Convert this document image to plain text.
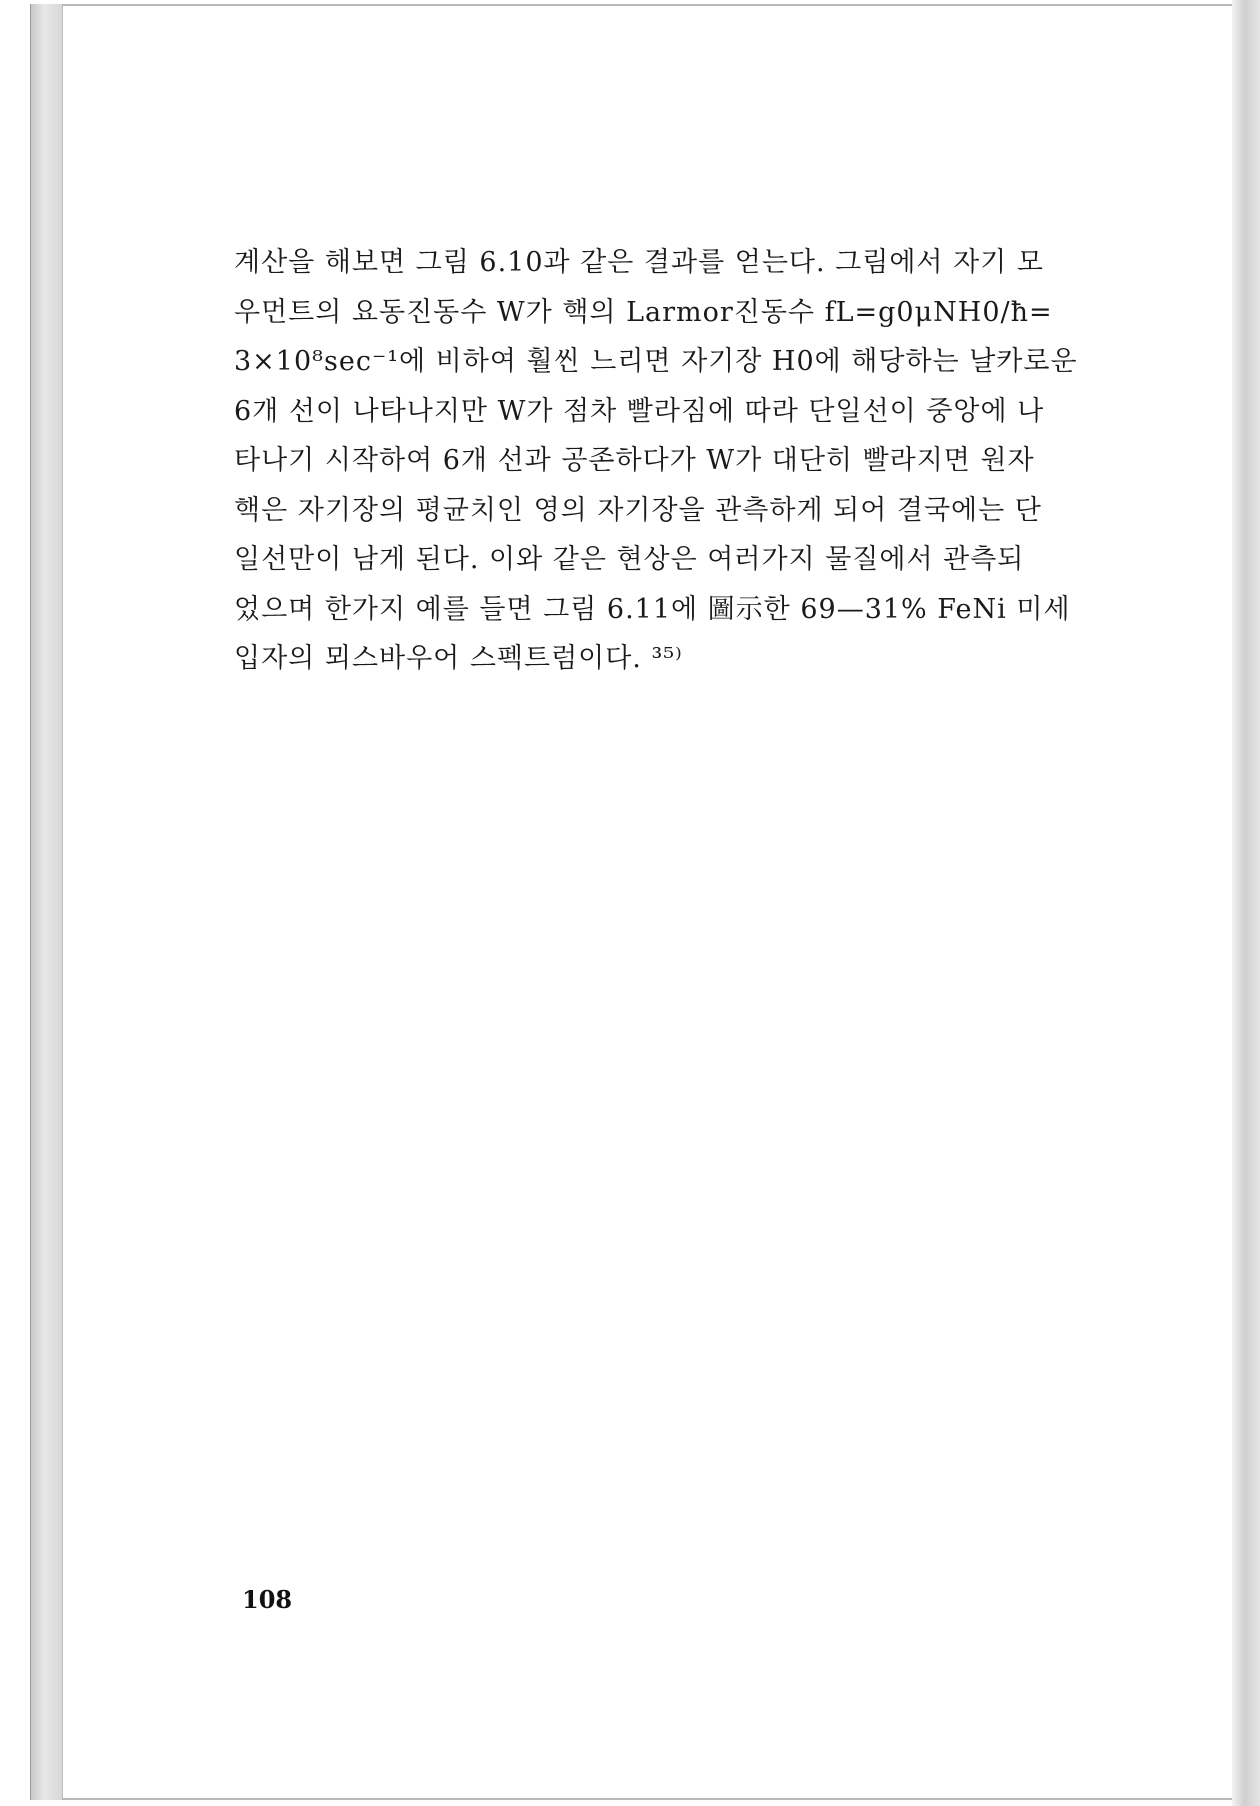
계산을 해보면 그림 6.10과 같은 결과를 얻는다. 그림에서 자기 모
우먼트의 요동진동수 W가 핵의 Larmor진동수 fL=g0μNH0/ħ=
3×10⁸sec⁻¹에 비하여 훨씬 느리면 자기장 H0에 해당하는 날카로운
6개 선이 나타나지만 W가 점차 빨라짐에 따라 단일선이 중앙에 나
타나기 시작하여 6개 선과 공존하다가 W가 대단히 빨라지면 원자
핵은 자기장의 평균치인 영의 자기장을 관측하게 되어 결국에는 단
일선만이 남게 된다. 이와 같은 현상은 여러가지 물질에서 관측되
었으며 한가지 예를 들면 그림 6.11에 圖示한 69—31% FeNi 미세
입자의 뫼스바우어 스펙트럼이다. ³⁵⁾
108
